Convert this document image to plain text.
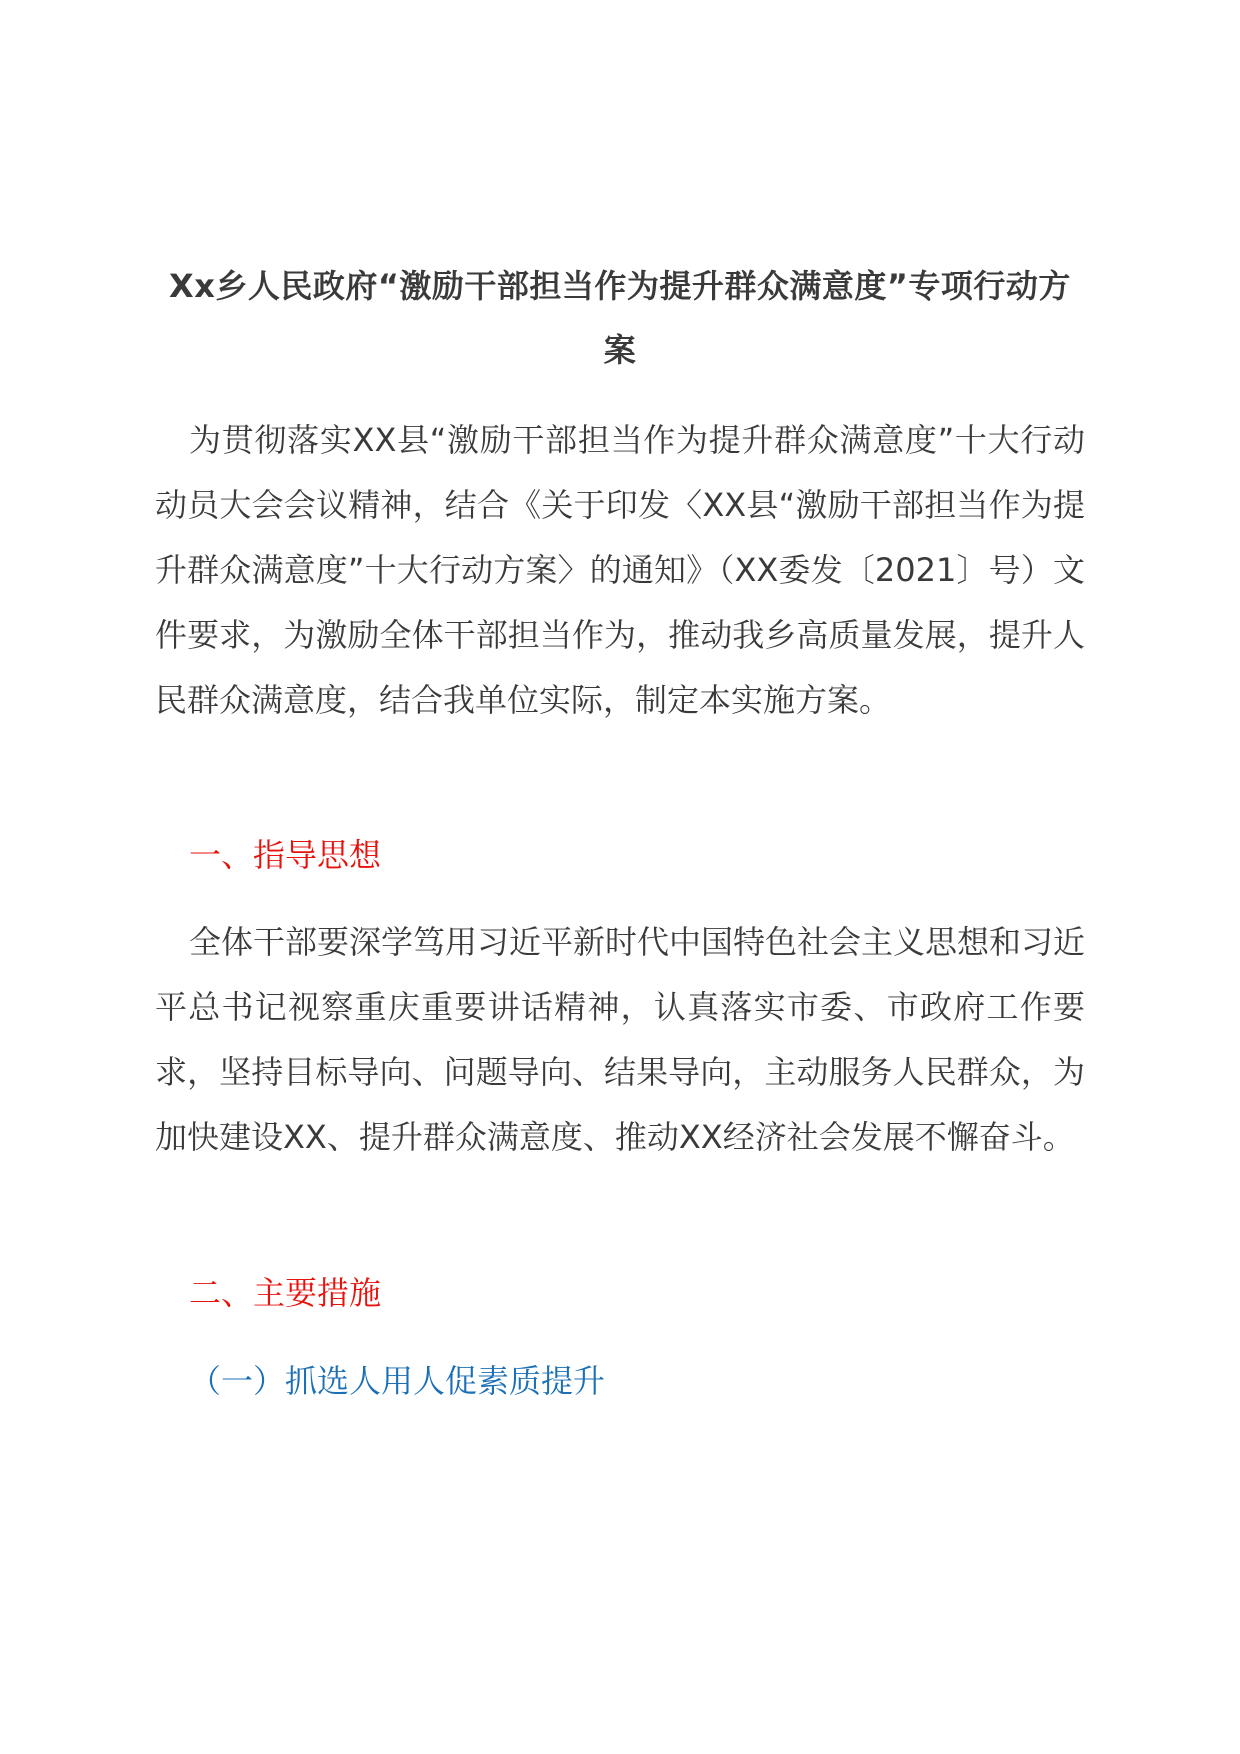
Xx乡人民政府“激励干部担当作为提升群众满意度”专项行动方案

为贯彻落实XX县“激励干部担当作为提升群众满意度”十大行动动员大会会议精神，结合《关于印发〈XX县“激励干部担当作为提升群众满意度”十大行动方案〉的通知》（XX委发〔2021〕号）文件要求，为激励全体干部担当作为，推动我乡高质量发展，提升人民群众满意度，结合我单位实际，制定本实施方案。

一、指导思想

全体干部要深学笃用习近平新时代中国特色社会主义思想和习近平总书记视察重庆重要讲话精神，认真落实市委、市政府工作要求，坚持目标导向、问题导向、结果导向，主动服务人民群众，为加快建设XX、提升群众满意度、推动XX经济社会发展不懈奋斗。

二、主要措施
（一）抓选人用人促素质提升
